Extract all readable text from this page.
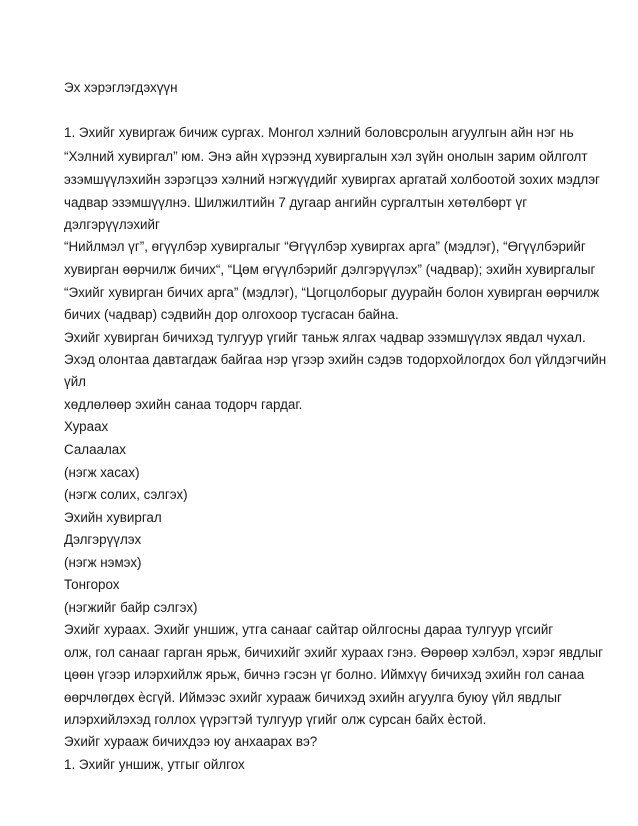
Эх хэрэглэгдэхүүн
1. Эхийг хувиргаж бичиж сургах. Монгол хэлний боловсролын агуулгын айн нэг нь
“Хэлний хувиргал” юм. Энэ айн хүрээнд хувиргалын хэл зүйн онолын зарим ойлголт
эзэмшүүлэхийн зэрэгцээ хэлний нэгжүүдийг хувиргах аргатай холбоотой зохих мэдлэг
чадвар эзэмшүүлнэ. Шилжилтийн 7 дугаар ангийн сургалтын хөтөлбөрт үг
дэлгэрүүлэхийг
“Нийлмэл үг”, өгүүлбэр хувиргалыг “Өгүүлбэр хувиргах арга” (мэдлэг), “Өгүүлбэрийг
хувирган өөрчилж бичих“, “Цөм өгүүлбэрийг дэлгэрүүлэх” (чадвар); эхийн хувиргалыг
“Эхийг хувирган бичих арга” (мэдлэг), “Цогцолборыг дуурайн болон хувирган өөрчилж
бичих (чадвар) сэдвийн дор олгохоор тусгасан байна.
Эхийг хувирган бичихэд тулгуур үгийг таньж ялгах чадвар эзэмшүүлэх явдал чухал.
Эхэд олонтаа давтагдаж байгаа нэр үгээр эхийн сэдэв тодорхойлогдох бол үйлдэгчийн
үйл
хөдлөлөөр эхийн санаа тодорч гардаг.
Хураах
Салаалах
(нэгж хасах)
(нэгж солих, сэлгэх)
Эхийн хувиргал
Дэлгэрүүлэх
(нэгж нэмэх)
Тонгорох
(нэгжийг байр сэлгэх)
Эхийг хураах. Эхийг уншиж, утга санааг сайтар ойлгосны дараа тулгуур үгсийг
олж, гол санааг гарган ярьж, бичихийг эхийг хураах гэнэ. Өөрөөр хэлбэл, хэрэг явдлыг
цөөн үгээр илэрхийлж ярьж, бичнэ гэсэн үг болно. Иймхүү бичихэд эхийн гол санаа
өөрчлөгдөх ѐсгүй. Иймээс эхийг хурааж бичихэд эхийн агуулга буюу үйл явдлыг
илэрхийлэхэд голлох үүрэгтэй тулгуур үгийг олж сурсан байх ѐстой.
Эхийг хурааж бичихдээ юу анхаарах вэ?
1. Эхийг уншиж, утгыг ойлгох
